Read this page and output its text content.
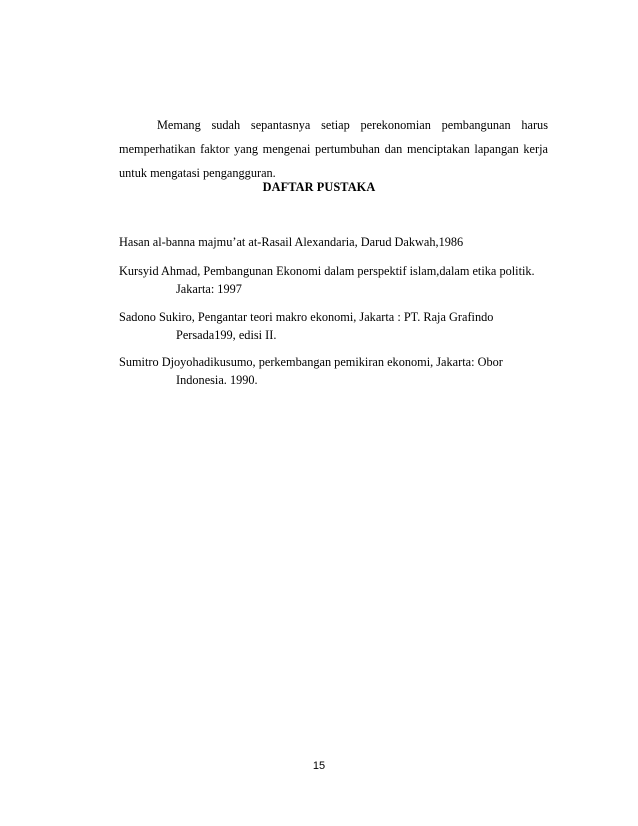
Memang sudah sepantasnya setiap perekonomian pembangunan harus
memperhatikan faktor yang mengenai pertumbuhan dan menciptakan lapangan kerja
untuk mengatasi pengangguran.
DAFTAR PUSTAKA
Hasan al-banna majmu’at at-Rasail Alexandaria, Darud Dakwah,1986
Kursyid Ahmad, Pembangunan Ekonomi dalam perspektif islam,dalam etika politik.
Jakarta: 1997
Sadono Sukiro, Pengantar teori makro ekonomi, Jakarta : PT. Raja Grafindo
Persada199, edisi II.
Sumitro Djoyohadikusumo, perkembangan pemikiran ekonomi, Jakarta: Obor
Indonesia. 1990.
15
